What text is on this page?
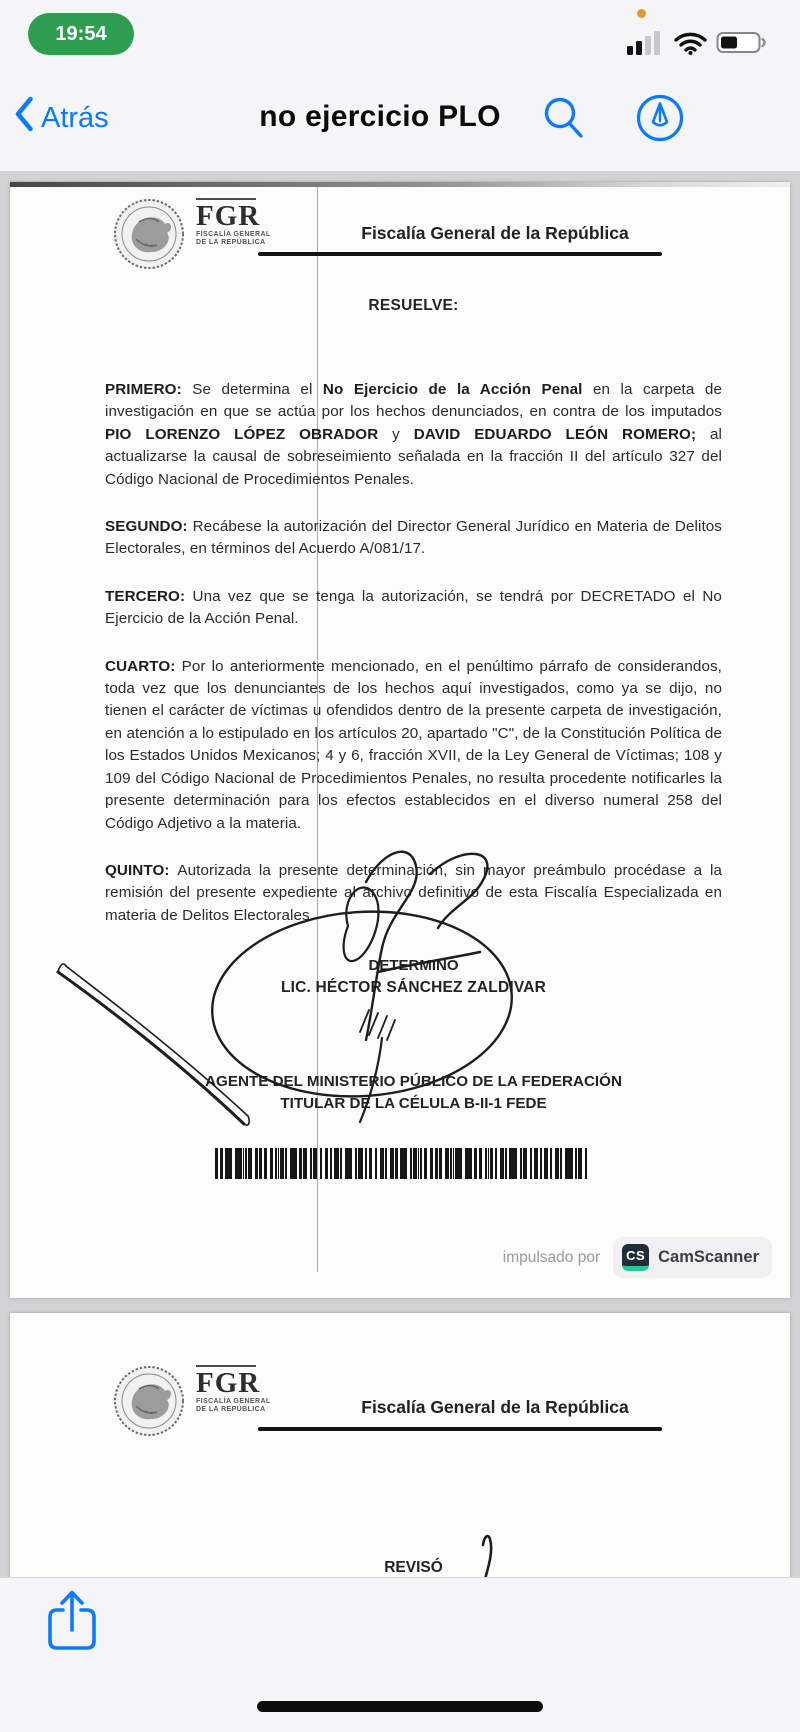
19:54
Atrás	no ejercicio PLO
FGR
FISCALÍA GENERAL
DE LA REPÚBLICA	Fiscalía General de la República
RESUELVE:

PRIMERO: Se determina el No Ejercicio de la Acción Penal en la carpeta de investigación en que se actúa por los hechos denunciados, en contra de los imputados PIO LORENZO LÓPEZ OBRADOR y DAVID EDUARDO LEÓN ROMERO; al actualizarse la causal de sobreseimiento señalada en la fracción II del artículo 327 del Código Nacional de Procedimientos Penales.

SEGUNDO: Recábese la autorización del Director General Jurídico en Materia de Delitos Electorales, en términos del Acuerdo A/081/17.

TERCERO: Una vez que se tenga la autorización, se tendrá por DECRETADO el No Ejercicio de la Acción Penal.

CUARTO: Por lo anteriormente mencionado, en el penúltimo párrafo de considerandos, toda vez que los denunciantes de los hechos aquí investigados, como ya se dijo, no tienen el carácter de víctimas u ofendidos dentro de la presente carpeta de investigación, en atención a lo estipulado en los artículos 20, apartado "C", de la Constitución Política de los Estados Unidos Mexicanos; 4 y 6, fracción XVII, de la Ley General de Víctimas; 108 y 109 del Código Nacional de Procedimientos Penales, no resulta procedente notificarles la presente determinación para los efectos establecidos en el diverso numeral 258 del Código Adjetivo a la materia.

QUINTO: Autorizada la presente determinación, sin mayor preámbulo procédase a la remisión del presente expediente al archivo definitivo de esta Fiscalía Especializada en materia de Delitos Electorales.

DETERMINÓ
LIC. HÉCTOR SÁNCHEZ ZALDIVAR
AGENTE DEL MINISTERIO PÚBLICO DE LA FEDERACIÓN
TITULAR DE LA CÉLULA B-II-1 FEDE
impulsado por	CS CamScanner
FGR
FISCALÍA GENERAL
DE LA REPÚBLICA	Fiscalía General de la República
REVISÓ
